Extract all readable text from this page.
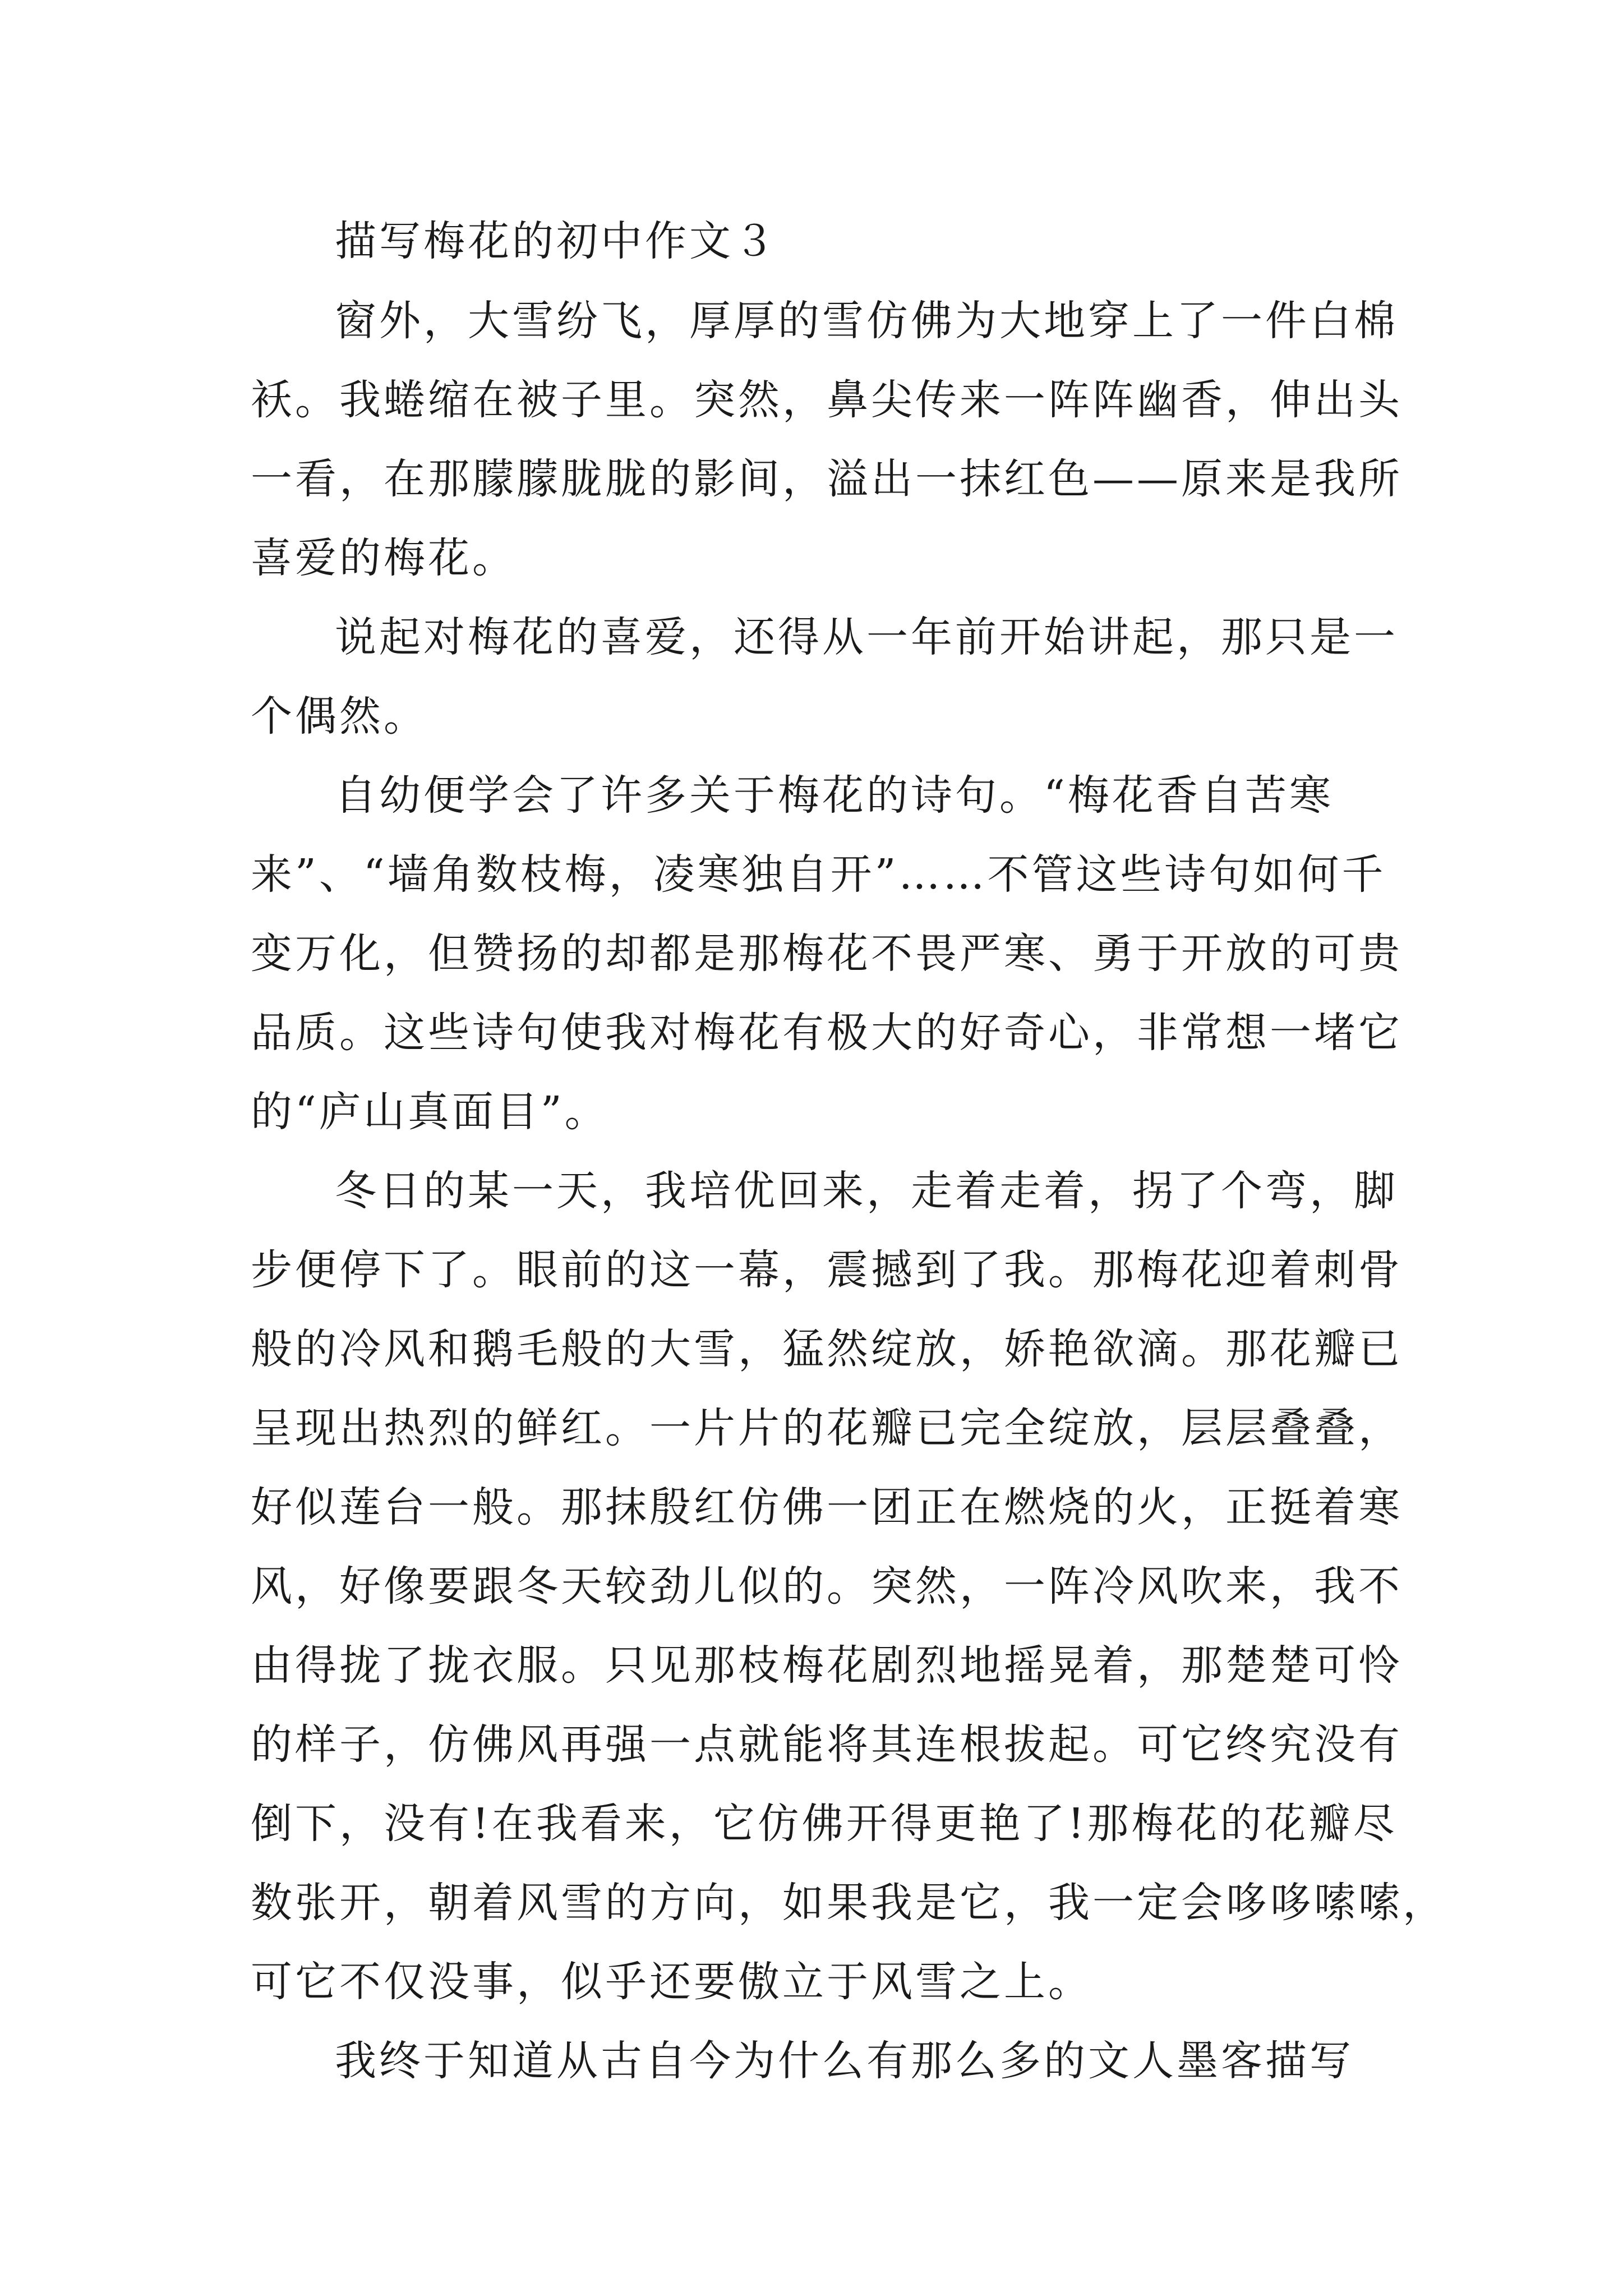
描写梅花的初中作文３
窗外，大雪纷飞，厚厚的雪仿佛为大地穿上了一件白棉
袄。我蜷缩在被子里。突然，鼻尖传来一阵阵幽香，伸出头
一看，在那朦朦胧胧的影间，溢出一抹红色——原来是我所
喜爱的梅花。
说起对梅花的喜爱，还得从一年前开始讲起，那只是一
个偶然。
自幼便学会了许多关于梅花的诗句。“梅花香自苦寒
来”、“墙角数枝梅，凌寒独自开”……不管这些诗句如何千
变万化，但赞扬的却都是那梅花不畏严寒、勇于开放的可贵
品质。这些诗句使我对梅花有极大的好奇心，非常想一堵它
的“庐山真面目”。
冬日的某一天，我培优回来，走着走着，拐了个弯，脚
步便停下了。眼前的这一幕，震撼到了我。那梅花迎着刺骨
般的冷风和鹅毛般的大雪，猛然绽放，娇艳欲滴。那花瓣已
呈现出热烈的鲜红。一片片的花瓣已完全绽放，层层叠叠，
好似莲台一般。那抹殷红仿佛一团正在燃烧的火，正挺着寒
风，好像要跟冬天较劲儿似的。突然，一阵冷风吹来，我不
由得拢了拢衣服。只见那枝梅花剧烈地摇晃着，那楚楚可怜
的样子，仿佛风再强一点就能将其连根拔起。可它终究没有
倒下，没有!在我看来，它仿佛开得更艳了!那梅花的花瓣尽
数张开，朝着风雪的方向，如果我是它，我一定会哆哆嗦嗦，
可它不仅没事，似乎还要傲立于风雪之上。
我终于知道从古自今为什么有那么多的文人墨客描写
